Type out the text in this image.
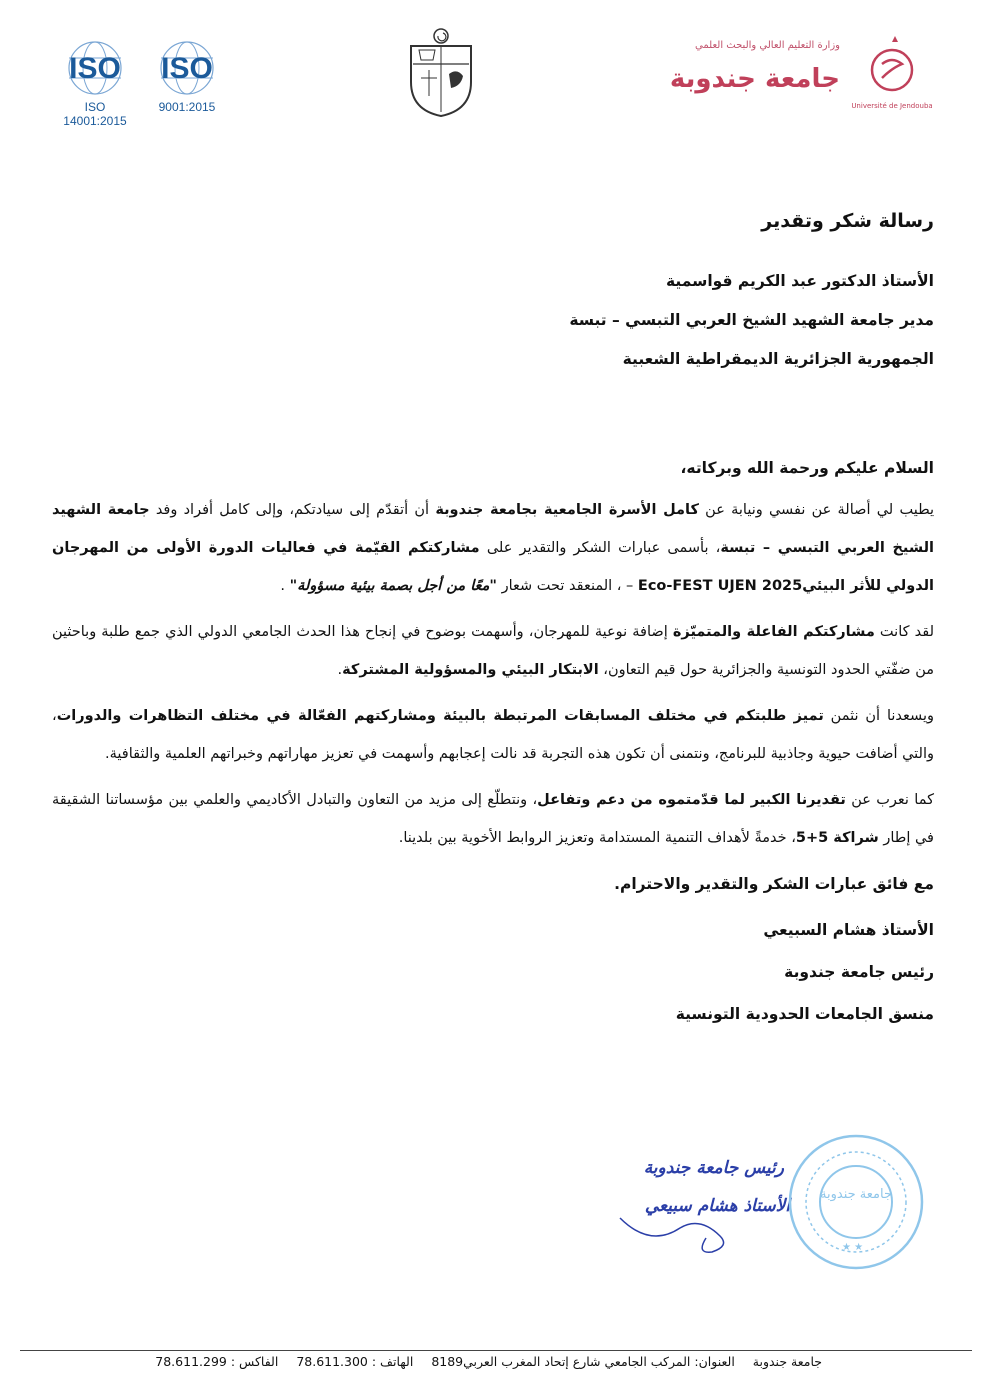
ISO
ISO 14001:2015
ISO
9001:2015
وزارة التعليم العالي والبحث العلمي
جامعة جندوبة
Université de Jendouba
رسالة شكر وتقدير
الأستاذ الدكتور عبد الكريم قواسمية
مدير جامعة الشهيد الشيخ العربي التبسي – تبسة
الجمهورية الجزائرية الديمقراطية الشعبية
السلام عليكم ورحمة الله وبركاته،

يطيب لي أصالة عن نفسي ونيابة عن كامل الأسرة الجامعية بجامعة جندوبة أن أتقدّم إلى سيادتكم، وإلى كامل أفراد وفد جامعة الشهيد الشيخ العربي التبسي – تبسة، بأسمى عبارات الشكر والتقدير على مشاركتكم القيّمة في فعاليات الدورة الأولى من المهرجان الدولي للأثر البيئيEco-FEST UJEN 2025 – ، المنعقد تحت شعار "معًا من أجل بصمة بيئية مسؤولة" .

لقد كانت مشاركتكم الفاعلة والمتميّزة إضافة نوعية للمهرجان، وأسهمت بوضوح في إنجاح هذا الحدث الجامعي الدولي الذي جمع طلبة وباحثين من ضفّتي الحدود التونسية والجزائرية حول قيم التعاون، الابتكار البيئي والمسؤولية المشتركة.

ويسعدنا أن نثمن تميز طلبتكم في مختلف المسابقات المرتبطة بالبيئة ومشاركتهم الفعّالة في مختلف التظاهرات والدورات، والتي أضافت حيوية وجاذبية للبرنامج، ونتمنى أن تكون هذه التجربة قد نالت إعجابهم وأسهمت في تعزيز مهاراتهم وخبراتهم العلمية والثقافية.

كما نعرب عن تقديرنا الكبير لما قدّمتموه من دعم وتفاعل، ونتطلّع إلى مزيد من التعاون والتبادل الأكاديمي والعلمي بين مؤسساتنا الشقيقة في إطار شراكة 5+5، خدمةً لأهداف التنمية المستدامة وتعزيز الروابط الأخوية بين بلدينا.

مع فائق عبارات الشكر والتقدير والاحترام.
الأستاذ هشام السبيعي
رئيس جامعة جندوبة
منسق الجامعات الحدودية التونسية
رئيس جامعة جندوبة
الأستاذ هشام سبيعي
جامعة جندوبة
★ ★
جامعة جندوبة العنوان: المركب الجامعي شارع إتحاد المغرب العربي8189 الهاتف : 78.611.300 الفاكس : 78.611.299
